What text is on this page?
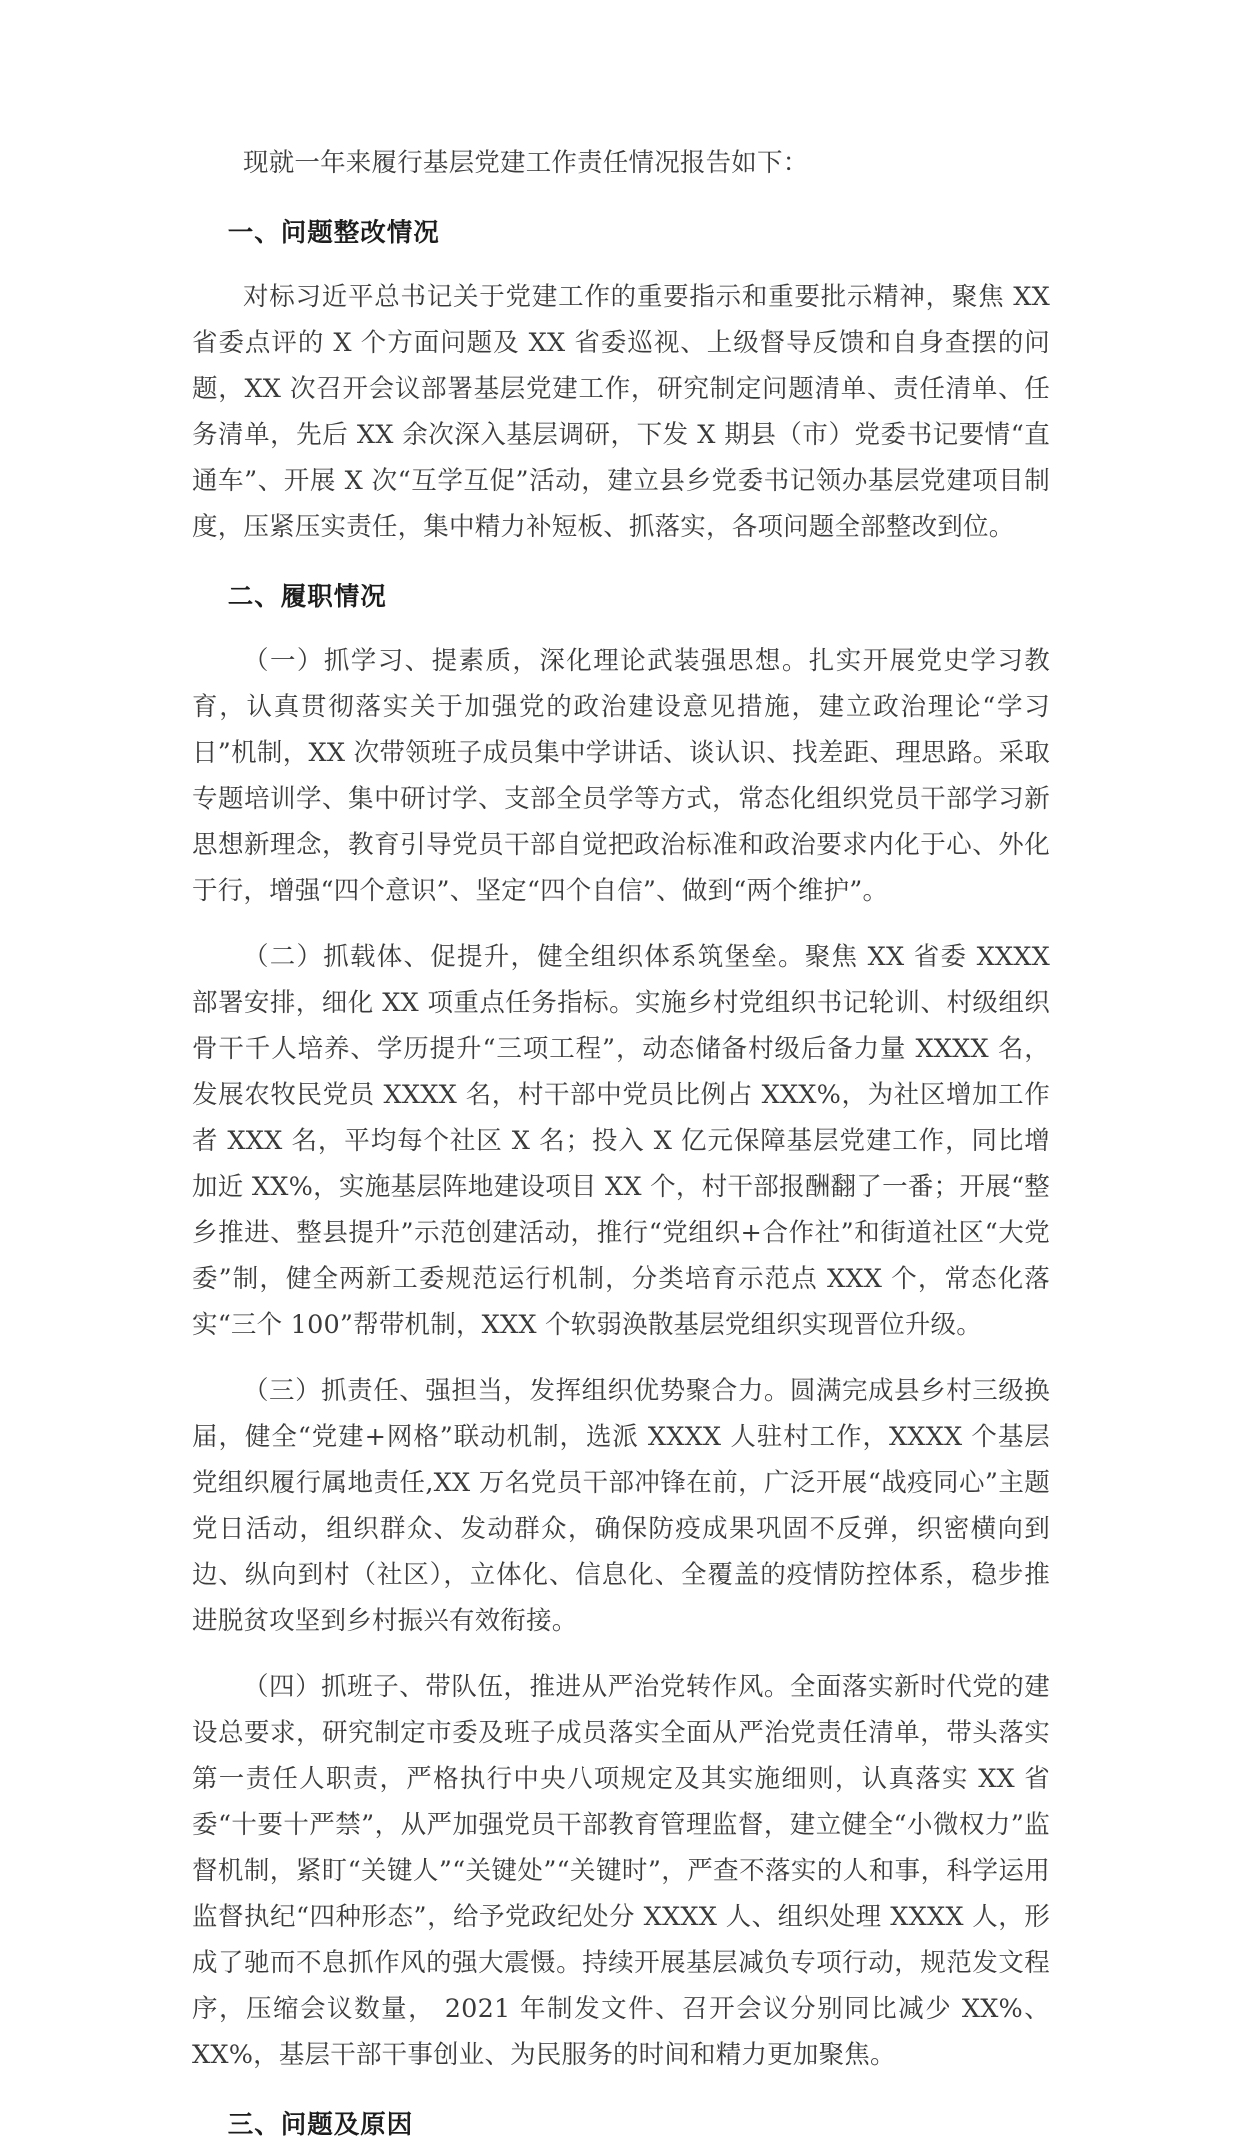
现就一年来履行基层党建工作责任情况报告如下：

一、问题整改情况

对标习近平总书记关于党建工作的重要指示和重要批示精神，聚焦 XX 省委点评的 X 个方面问题及 XX 省委巡视、上级督导反馈和自身查摆的问题，XX 次召开会议部署基层党建工作，研究制定问题清单、责任清单、任务清单，先后 XX 余次深入基层调研，下发 X 期县（市）党委书记要情“直通车”、开展 X 次“互学互促”活动，建立县乡党委书记领办基层党建项目制度，压紧压实责任，集中精力补短板、抓落实，各项问题全部整改到位。

二、履职情况

（一）抓学习、提素质，深化理论武装强思想。扎实开展党史学习教育，认真贯彻落实关于加强党的政治建设意见措施，建立政治理论“学习日”机制，XX 次带领班子成员集中学讲话、谈认识、找差距、理思路。采取专题培训学、集中研讨学、支部全员学等方式，常态化组织党员干部学习新思想新理念，教育引导党员干部自觉把政治标准和政治要求内化于心、外化于行，增强“四个意识”、坚定“四个自信”、做到“两个维护”。

（二）抓载体、促提升，健全组织体系筑堡垒。聚焦 XX 省委 XXXX 部署安排，细化 XX 项重点任务指标。实施乡村党组织书记轮训、村级组织骨干千人培养、学历提升“三项工程”，动态储备村级后备力量 XXXX 名，发展农牧民党员 XXXX 名，村干部中党员比例占 XXX%，为社区增加工作者 XXX 名，平均每个社区 X 名；投入 X 亿元保障基层党建工作，同比增加近 XX%，实施基层阵地建设项目 XX 个，村干部报酬翻了一番；开展“整乡推进、整县提升”示范创建活动，推行“党组织+合作社”和街道社区“大党委”制，健全两新工委规范运行机制，分类培育示范点 XXX 个，常态化落实“三个 100”帮带机制，XXX 个软弱涣散基层党组织实现晋位升级。

（三）抓责任、强担当，发挥组织优势聚合力。圆满完成县乡村三级换届，健全“党建+网格”联动机制，选派 XXXX 人驻村工作，XXXX 个基层党组织履行属地责任,XX 万名党员干部冲锋在前，广泛开展“战疫同心”主题党日活动，组织群众、发动群众，确保防疫成果巩固不反弹，织密横向到边、纵向到村（社区），立体化、信息化、全覆盖的疫情防控体系，稳步推进脱贫攻坚到乡村振兴有效衔接。

（四）抓班子、带队伍，推进从严治党转作风。全面落实新时代党的建设总要求，研究制定市委及班子成员落实全面从严治党责任清单，带头落实第一责任人职责，严格执行中央八项规定及其实施细则，认真落实 XX 省委“十要十严禁”，从严加强党员干部教育管理监督，建立健全“小微权力”监督机制，紧盯“关键人”“关键处”“关键时”，严查不落实的人和事，科学运用监督执纪“四种形态”，给予党政纪处分 XXXX 人、组织处理 XXXX 人，形成了驰而不息抓作风的强大震慑。持续开展基层减负专项行动，规范发文程序，压缩会议数量， 2021 年制发文件、召开会议分别同比减少 XX%、XX%，基层干部干事创业、为民服务的时间和精力更加聚焦。

三、问题及原因
